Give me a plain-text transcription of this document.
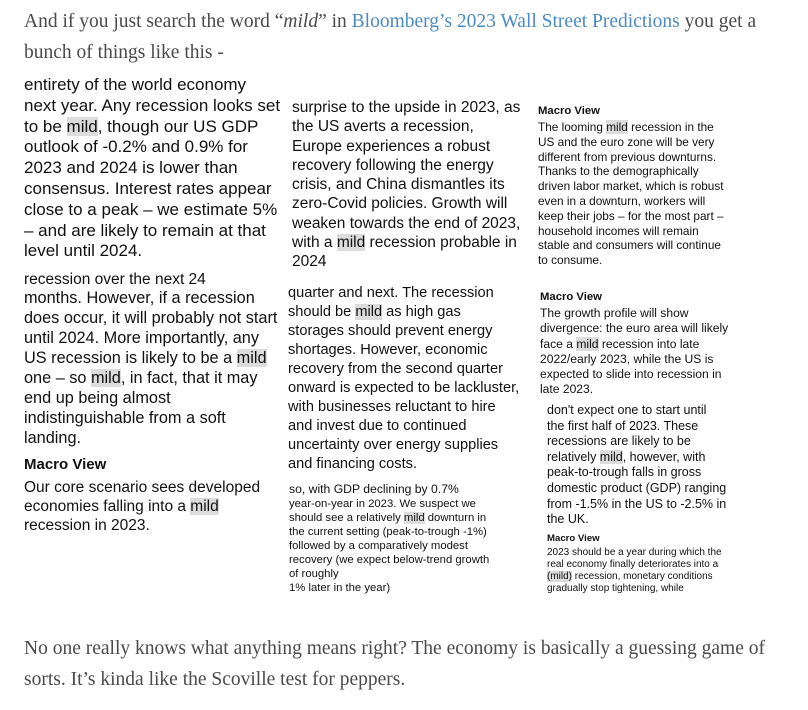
And if you just search the word “mild” in Bloomberg’s 2023 Wall Street Predictions you get a bunch of things like this -

entirety of the world economy

next year. Any recession looks set to be mild, though our US GDP outlook of -0.2% and 0.9% for 2023 and 2024 is lower than consensus. Interest rates appear close to a peak – we estimate 5% – and are likely to remain at that level until 2024.

recession over the next 24

months. However, if a recession does occur, it will probably not start until 2024. More importantly, any US recession is likely to be a mild one – so mild, in fact, that it may end up being almost indistinguishable from a soft landing.

Macro View

Our core scenario sees developed economies falling into a mild recession in 2023.

surprise to the upside in 2023, as the US averts a recession, Europe experiences a robust recovery following the energy crisis, and China dismantles its zero-Covid policies. Growth will weaken towards the end of 2023, with a mild recession probable in 2024

quarter and next. The recession should be mild as high gas storages should prevent energy shortages. However, economic recovery from the second quarter onward is expected to be lackluster, with businesses reluctant to hire and invest due to continued uncertainty over energy supplies and financing costs.

so, with GDP declining by 0.7%

year-on-year in 2023. We suspect we should see a relatively mild downturn in the current setting (peak-to-trough -1%) followed by a comparatively modest recovery (we expect below-trend growth of roughly

1% later in the year)

Macro View

The looming mild recession in the US and the euro zone will be very different from previous downturns. Thanks to the demographically driven labor market, which is robust even in a downturn, workers will keep their jobs – for the most part – household incomes will remain stable and consumers will continue to consume.

Macro View

The growth profile will show divergence: the euro area will likely face a mild recession into late 2022/early 2023, while the US is expected to slide into recession in late 2023.

don't expect one to start until

the first half of 2023. These recessions are likely to be relatively mild, however, with peak-to-trough falls in gross domestic product (GDP) ranging from -1.5% in the US to -2.5% in the UK.

Macro View

2023 should be a year during which the real economy finally deteriorates into a (mild) recession, monetary conditions gradually stop tightening, while

No one really knows what anything means right? The economy is basically a guessing game of sorts. It’s kinda like the Scoville test for peppers.
